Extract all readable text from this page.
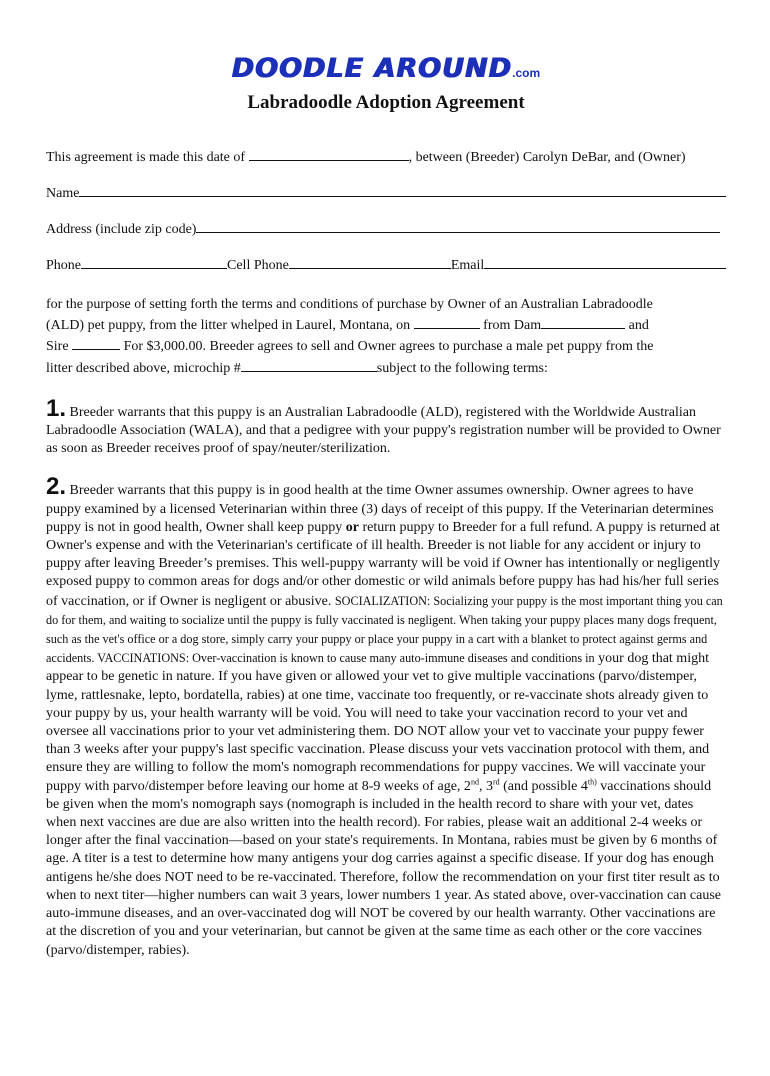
DOODLE AROUND.com
Labradoodle Adoption Agreement
This agreement is made this date of	, between (Breeder) Carolyn DeBar, and (Owner)
Name
Address (include zip code)
Phone	Cell Phone	Email

for the purpose of setting forth the terms and conditions of purchase by Owner of an Australian Labradoodle

(ALD) pet puppy, from the litter whelped in Laurel, Montana, on	from Dam	and

Sire	For $3,000.00. Breeder agrees to sell and Owner agrees to purchase a male pet puppy from the

litter described above, microchip #	subject to the following terms:

1. Breeder warrants that this puppy is an Australian Labradoodle (ALD), registered with the Worldwide Australian Labradoodle Association (WALA), and that a pedigree with your puppy's registration number will be provided to Owner as soon as Breeder receives proof of spay/neuter/sterilization.

2. Breeder warrants that this puppy is in good health at the time Owner assumes ownership. Owner agrees to have puppy examined by a licensed Veterinarian within three (3) days of receipt of this puppy. If the Veterinarian determines puppy is not in good health, Owner shall keep puppy or return puppy to Breeder for a full refund. A puppy is returned at Owner's expense and with the Veterinarian's certificate of ill health. Breeder is not liable for any accident or injury to puppy after leaving Breeder’s premises. This well-puppy warranty will be void if Owner has intentionally or negligently exposed puppy to common areas for dogs and/or other domestic or wild animals before puppy has had his/her full series of vaccination, or if Owner is negligent or abusive. SOCIALIZATION: Socializing your puppy is the most important thing you can do for them, and waiting to socialize until the puppy is fully vaccinated is negligent. When taking your puppy places many dogs frequent, such as the vet's office or a dog store, simply carry your puppy or place your puppy in a cart with a blanket to protect against germs and accidents. VACCINATIONS: Over-vaccination is known to cause many auto-immune diseases and conditions in your dog that might appear to be genetic in nature. If you have given or allowed your vet to give multiple vaccinations (parvo/distemper, lyme, rattlesnake, lepto, bordatella, rabies) at one time, vaccinate too frequently, or re-vaccinate shots already given to your puppy by us, your health warranty will be void. You will need to take your vaccination record to your vet and oversee all vaccinations prior to your vet administering them. DO NOT allow your vet to vaccinate your puppy fewer than 3 weeks after your puppy's last specific vaccination. Please discuss your vets vaccination protocol with them, and ensure they are willing to follow the mom's nomograph recommendations for puppy vaccines. We will vaccinate your puppy with parvo/distemper before leaving our home at 8-9 weeks of age, 2nd, 3rd (and possible $4^{th)}$ vaccinations should be given when the mom's nomograph says (nomograph is included in the health record to share with your vet, dates when next vaccines are due are also written into the health record). For rabies, please wait an additional 2-4 weeks or longer after the final vaccination—based on your state's requirements. In Montana, rabies must be given by 6 months of age. A titer is a test to determine how many antigens your dog carries against a specific disease. If your dog has enough antigens he/she does NOT need to be re-vaccinated. Therefore, follow the recommendation on your first titer result as to when to next titer—higher numbers can wait 3 years, lower numbers 1 year. As stated above, over-vaccination can cause auto-immune diseases, and an over-vaccinated dog will NOT be covered by our health warranty. Other vaccinations are at the discretion of you and your veterinarian, but cannot be given at the same time as each other or the core vaccines (parvo/distemper, rabies).
